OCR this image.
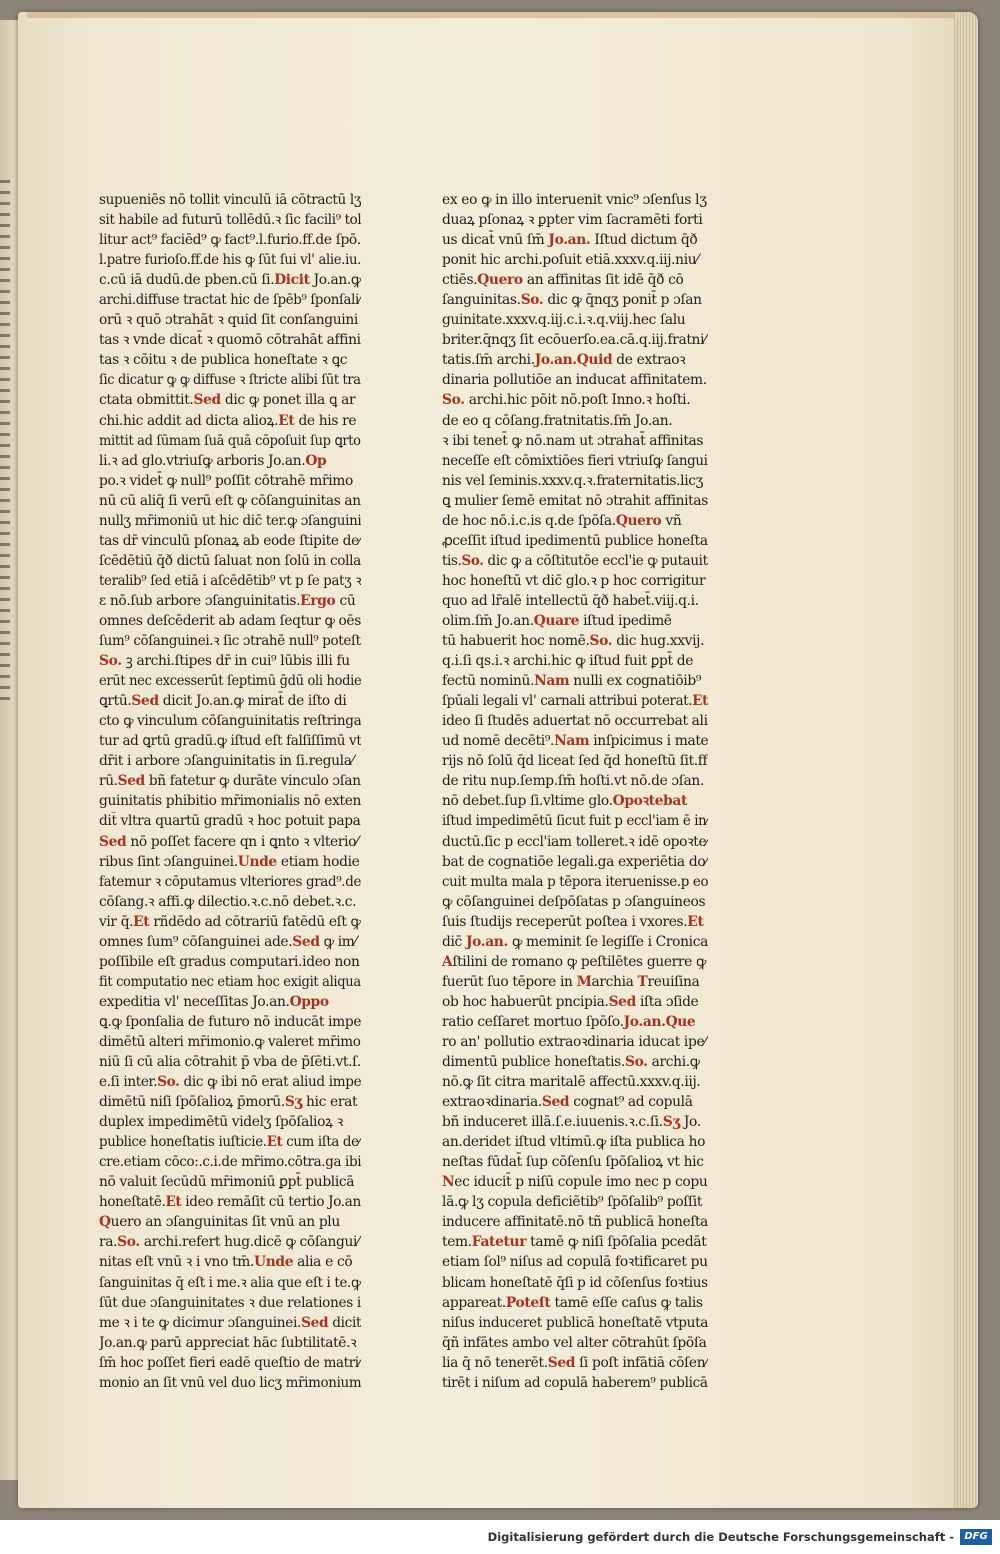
supueniēs nō tollit vinculū iā cōtractū lʒ
sit habile ad futurū tollēdū.ꝛ ſic facili⁹ tol
litur act⁹ faciēd⁹ ꝙ fact⁹.l.furio.ff.de ſpō.
l.patre furioſo.ff.de his ꝙ ſūt ſui vl' alie.iu.
c.cū iā dudū.de pben.cū ſi.Dicit Jo.an.ꝙ
archi.diffuse tractat hic de ſpēb⁹ ſponſali⁄
orū ꝛ quō ɔtrahāt ꝛ quid ſit conſanguini
tas ꝛ vnde dicat̄ ꝛ quomō cōtrahāt affini
tas ꝛ cōitu ꝛ de publica honeſtate ꝛ ꝗc
ſic dicatur ꝙ ꝙ diffuse ꝛ ſtricte alibi ſūt tra
ctata obmittit.Sed dic ꝙ ponet illa ꝗ ar
chi.hic addit ad dicta alioꝝ.Et de his re
mittit ad ſūmam ſuā quā cōpoſuit ſup ꝗrto
li.ꝛ ad glo.vtriuſꝙ arboris Jo.an.Op
po.ꝛ videt̄ ꝙ null⁹ poſſit cōtrahē mr̄imo
nū cū aliq̄ ſi verū eſt ꝙ cōſanguinitas an
nullʒ mr̄imoniū ut hic dic̄ ter.ꝙ ɔſanguini
tas dr̄ vinculū pſonaꝝ ab eode ſtipite de⁄
ſcēdētiū q̄ð dictū ſaluat non ſolū in colla
teralib⁹ ſed etiā i aſcēdētib⁹ vt p ſe patʒ ꝛ
ɛ nō.ſub arbore ɔſanguinitatis.Ergo cū
omnes deſcēderit ab adam ſeqtur ꝙ oēs
ſum⁹ cōſanguinei.ꝛ ſic ɔtrahē null⁹ poteſt
So. ꝫ archi.ſtipes dr̄ in cui⁹ lūbis illi fu
erūt nec excesserūt ſeptimū ḡdū oli hodie
ꝗrtū.Sed dicit Jo.an.ꝙ mirat̄ de iſto di
cto ꝙ vinculum cōſanguinitatis reſtringa
tur ad ꝗrtū gradū.ꝙ iſtud eſt falſiſſimū vt
dr̄it i arbore ɔſanguinitatis in ſi.regula⁄
rū.Sed bñ fatetur ꝙ durāte vinculo ɔſan
guinitatis phibitio mr̄imonialis nō exten
dit̄ vltra quartū gradū ꝛ hoc potuit papa
Sed nō poſſet facere qn i ꝗnto ꝛ vlterio⁄
ribus ſint ɔſanguinei.Unde etiam hodie
fatemur ꝛ cōputamus vlteriores grad⁹.de
cōſang.ꝛ affi.ꝙ dilectio.ꝛ.c.nō debet.ꝛ.c.
vir q̄.Et rñdēdo ad cōtrariū fatēdū eſt ꝙ
omnes ſum⁹ cōſanguinei ade.Sed ꝙ im⁄
poſſibile eſt gradus computari.ideo non
fit computatio nec etiam hoc exigit aliqua
expeditia vl' neceſſitas Jo.an.Oppo
ꝗ.ꝙ ſponſalia de futuro nō inducāt impe
dimētū alteri mr̄imonio.ꝙ valeret mr̄imo
niū ſi cū alia cōtrahit p̄ vba de p̄ſēti.vt.ſ.
e.ſi inter.So. dic ꝙ ibi nō erat aliud impe
dimētū niſi ſpōſalioꝝ p̄morū.Sʒ hic erat
duplex impedimētū videlʒ ſpōſalioꝝ ꝛ
publice honeſtatis iuſticie.Et cum iſta de⁄
cre.etiam cōco:.c.i.de mr̄imo.cōtra.ga ibi
nō valuit ſecūdū mr̄imoniū ꝑpt̄ publicā
honeſtatē.Et ideo remāſit cū tertio Jo.an
Quero an ɔſanguinitas ſit vnū an plu
ra.So. archi.refert hug.dicē ꝙ cōſangui⁄
nitas eſt vnū ꝛ i vno tm̄.Unde alia e cō
ſanguinitas q̄ eſt i me.ꝛ alia que eſt i te.ꝙ
ſūt due ɔſanguinitates ꝛ due relationes i
me ꝛ i te ꝙ dicimur ɔſanguinei.Sed dicit
Jo.an.ꝙ parū appreciat hāc ſubtilitatē.ꝛ
ſm̄ hoc poſſet fieri eadē queſtio de matri⁄
monio an ſit vnū vel duo licʒ mr̄imonium
ex eo ꝙ in illo interuenit vnic⁹ ɔſenſus lʒ
duaꝝ pſonaꝝ ꝛ ꝑpter vim ſacramēti forti
us dicat̄ vnū ſm̄ Jo.an. Iſtud dictum q̄ð
ponit hic archi.poſuit etiā.xxxv.q.iij.niu⁄
ctiēs.Quero an affinitas ſit idē q̄ð cō
ſanguinitas.So. dic ꝙ q̄nqʒ ponit̄ p ɔſan
guinitate.xxxv.q.iij.c.i.ꝛ.q.viij.hec ſalu
briter.q̄nqʒ ſit ecōuerſo.ea.cā.q.iij.fratni⁄
tatis.ſm̄ archi.Jo.an.Quid de extraoꝛ
dinaria pollutiōe an inducat affinitatem.
So. archi.hic pōit nō.poſt Inno.ꝛ hoſti.
de eo q cōſang.fratnitatis.ſm̄ Jo.an.
ꝛ ibi tenet̄ ꝙ nō.nam ut ɔtrahat̄ affinitas
neceſſe eſt cōmixtiōes fieri vtriuſꝙ ſangui
nis vel ſeminis.xxxv.q.ꝛ.fraternitatis.licʒ
ꝗ mulier ſemē emitat nō ɔtrahit affinitas
de hoc nō.i.c.is q.de ſpōſa.Quero vñ
ꝓceſſit iſtud ipedimentū publice honeſta
tis.So. dic ꝙ a cōſtitutōe eccl'ie ꝙ putauit
hoc honeſtū vt dic̄ glo.ꝛ p hoc corrigitur
quo ad lr̄alē intellectū q̄ð habet̄.viij.q.i.
olim.ſm̄ Jo.an.Quare iſtud ipedimē
tū habuerit hoc nomē.So. dic hug.xxvij.
q.i.ſi qs.i.ꝛ archi.hic ꝙ iſtud fuit ꝑpt̄ de
fectū nominū.Nam nulli ex cognatiōib⁹
ſpūali legali vl' carnali attribui poterat.Et
ideo ſi ſtudēs aduertat nō occurrebat ali
ud nomē decēti⁹.Nam inſpicimus i mate
rijs nō ſolū q̄d liceat ſed q̄d honeſtū ſit.ff
de ritu nup.ſemp.ſm̄ hoſti.vt nō.de ɔſan.
nō debet.ſup ſi.vltime glo.Opoꝛtebat
iſtud impedimētū ſicut fuit p eccl'iam ē in⁄
ductū.ſic p eccl'iam tolleret.ꝛ idē opoꝛte⁄
bat de cognatiōe legali.ga experiētia do⁄
cuit multa mala p tēpora iteruenisse.p eo
ꝙ cōſanguinei deſpōſatas p ɔſanguineos
ſuis ſtudijs receperūt poſtea i vxores.Et
dic̄ Jo.an. ꝙ meminit ſe legiſſe i Cronica
Aſtilini de romano ꝙ peſtilētes guerre ꝙ
fuerūt ſuo tēpore in Marchia Treuiſina
ob hoc habuerūt pncipia.Sed iſta ɔſide
ratio ceſſaret mortuo ſpōſo.Jo.an.Que
ro an' pollutio extraoꝛdinaria iducat ipe⁄
dimentū publice honeſtatis.So. archi.ꝙ
nō.ꝙ ſit citra maritalē affectū.xxxv.q.iij.
extraoꝛdinaria.Sed cognat⁹ ad copulā
bñ induceret illā.ſ.e.iuuenis.ꝛ.c.ſi.Sʒ Jo.
an.deridet iſtud vltimū.ꝙ iſta publica ho
neſtas fūdat̄ ſup cōſenſu ſpōſalioꝝ vt hic
Nec iducit̄ p niſū copule imo nec p copu
lā.ꝙ lʒ copula deficiētib⁹ ſpōſalib⁹ poſſit
inducere affinitatē.nō tñ publicā honeſta
tem.Fatetur tamē ꝙ niſi ſpōſalia pcedāt
etiam ſol⁹ niſus ad copulā foꝛtificaret pu
blicam honeſtatē q̄ſi p id cōſenſus foꝛtius
appareat.Poteſt tamē eſſe caſus ꝙ talis
niſus induceret publicā honeſtatē vtputa
q̄ñ infātes ambo vel alter cōtrahūt ſpōſa
lia q̄ nō tenerēt.Sed ſi poſt infātiā cōſen⁄
tirēt i niſum ad copulā haberem⁹ publicā
Digitalisierung gefördert durch die Deutsche Forschungsgemeinschaft -	DFG
